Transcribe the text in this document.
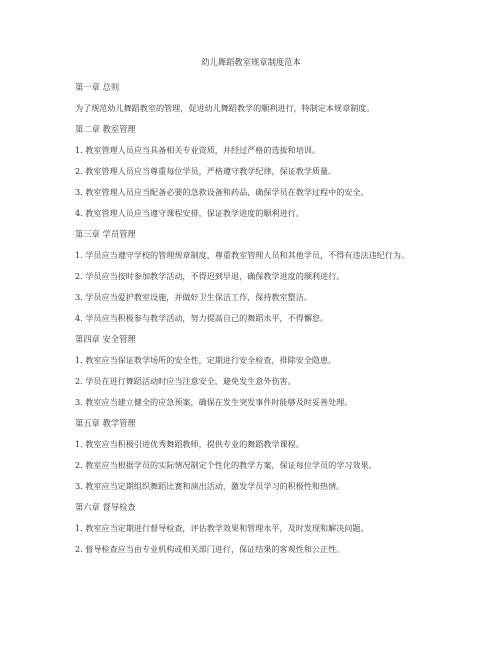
幼儿舞蹈教室规章制度范本
第一章 总则
为了规范幼儿舞蹈教室的管理，促进幼儿舞蹈教学的顺利进行，特制定本规章制度。
第二章 教室管理
1. 教室管理人员应当具备相关专业资质，并经过严格的选拔和培训。
2. 教室管理人员应当尊重每位学员，严格遵守教学纪律，保证教学质量。
3. 教室管理人员应当配备必要的急救设备和药品，确保学员在教学过程中的安全。
4. 教室管理人员应当遵守课程安排，保证教学进度的顺利进行。
第三章 学员管理
1. 学员应当遵守学校的管理规章制度，尊重教室管理人员和其他学员，不得有违法违纪行为。
2. 学员应当按时参加教学活动，不得迟到早退，确保教学进度的顺利进行。
3. 学员应当爱护教室设施，并做好卫生保洁工作，保持教室整洁。
4. 学员应当积极参与教学活动，努力提高自己的舞蹈水平，不得懈怠。
第四章 安全管理
1. 教室应当保证教学场所的安全性，定期进行安全检查，排除安全隐患。
2. 学员在进行舞蹈活动时应当注意安全，避免发生意外伤害。
3. 教室应当建立健全的应急预案，确保在发生突发事件时能够及时妥善处理。
第五章 教学管理
1. 教室应当积极引进优秀舞蹈教师，提供专业的舞蹈教学课程。
2. 教室应当根据学员的实际情况制定个性化的教学方案，保证每位学员的学习效果。
3. 教室应当定期组织舞蹈比赛和演出活动，激发学员学习的积极性和热情。
第六章 督导检查
1. 教室应当定期进行督导检查，评估教学效果和管理水平，及时发现和解决问题。
2. 督导检查应当由专业机构或相关部门进行，保证结果的客观性和公正性。
